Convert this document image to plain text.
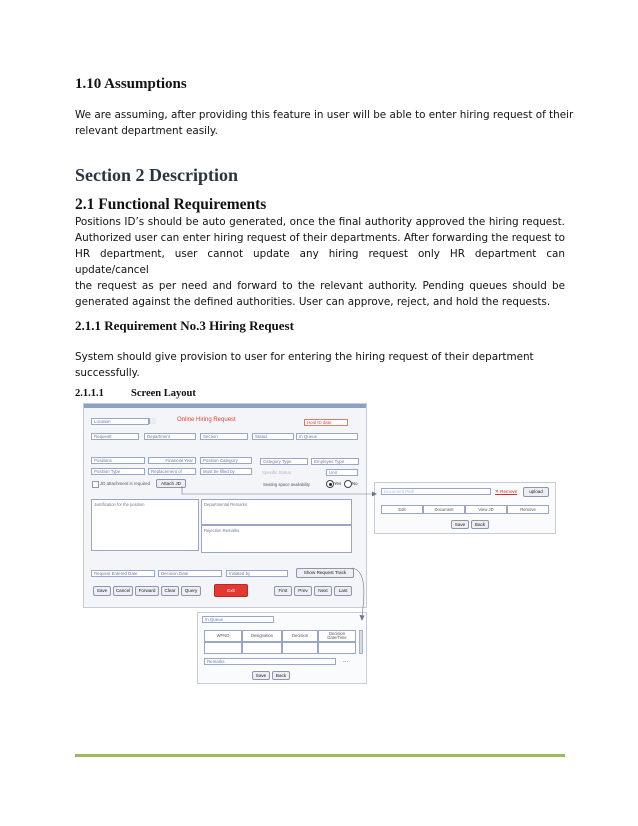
1.10 Assumptions
We are assuming, after providing this feature in user will be able to enter hiring request of their
relevant department easily.
Section 2 Description
2.1 Functional Requirements
Positions ID’s should be auto generated, once the final authority approved the hiring request.
Authorized user can enter hiring request of their departments. After forwarding the request to
HR department, user cannot update any hiring request only HR department can update/cancel
the request as per need and forward to the relevant authority. Pending queues should be
generated against the defined authorities. User can approve, reject, and hold the requests.
2.1.1 Requirement No.3 Hiring Request
System should give provision to user for entering the hiring request of their department
successfully.
2.1.1.1	Screen Layout
Location	Online Hiring Request	Hold ID date
Requestr	Department	Section	Status	In Queue
Positions	Financial Year	Position Category	Category Type	Employee Type
Position Type	Replacement of	Must be filled by	Specific Status	Unit
JD attachment is required	Attach JD	Seating space availability	Yes No
Justification for the position	Departmental Remarks
Rejection Remarks
Request Entered Date	Decision Date	Initiated by	Show Request Track
Save	Cancel	Forward	Clear	Query	Exit	First	Prev	Next	Last
Document Path	✕ Remove	upload
Edit	Document	View JD	Remove
Save	Back
In Queue
WFNO	Designation	Decision	Decision Date/Time
Remarks	...
Save	Back
